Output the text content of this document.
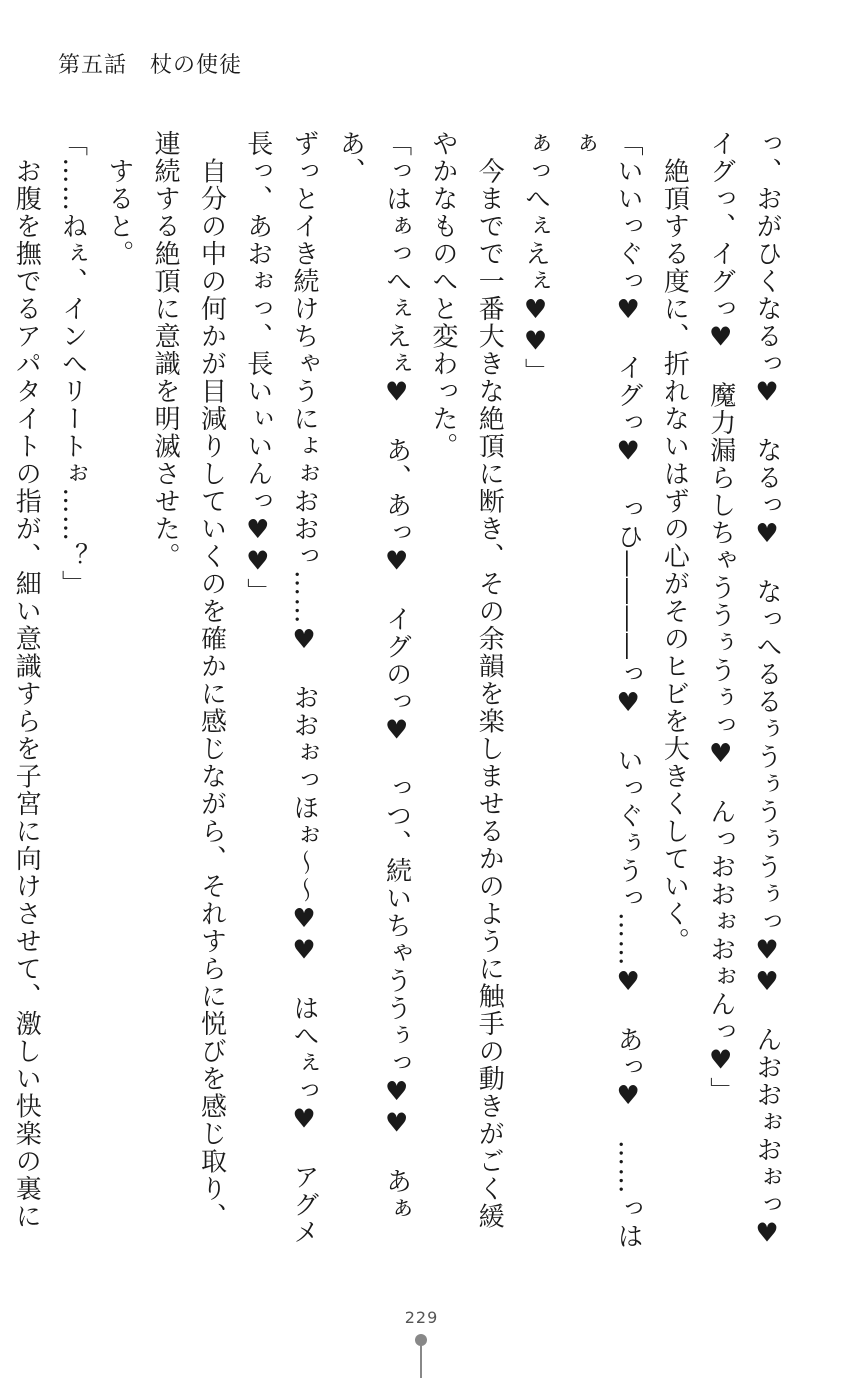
第五話　杖の使徒

っ、おがひくなるっ♥　なるっ♥　なっへるるぅうぅうぅうぅっ♥♥　んおおぉおぉっ♥

イグっ、イグっ♥　魔力漏らしちゃううぅうぅっ♥　んっおおぉおぉんっ♥」

　絶頂する度に、折れないはずの心がそのヒビを大きくしていく。

「いいっぐっ♥　イグっ♥　っひ――――っ♥　いっぐぅうっ……♥　あっ♥　……っはぁ

ぁっへぇえぇ♥♥」

　今までで一番大きな絶頂に断き、その余韻を楽しませるかのように触手の動きがごく緩

やかなものへと変わった。

「っはぁっへぇえぇ♥　あ、あっ♥　イグのっ♥　っつ、続いちゃううぅっ♥♥　あぁあ、

ずっとイき続けちゃうにょぉおおっ……♥　おおぉっほぉ～～♥♥　はへぇっ♥　アグメ

長っ、あおぉっ、長いぃいんっ♥♥」

　自分の中の何かが目減りしていくのを確かに感じながら、それすらに悦びを感じ取り、

連続する絶頂に意識を明滅させた。

　すると。

「……ねぇ、インへリートぉ……？」

　お腹を撫でるアパタイトの指が、細い意識すらを子宮に向けさせて、激しい快楽の裏に

229
